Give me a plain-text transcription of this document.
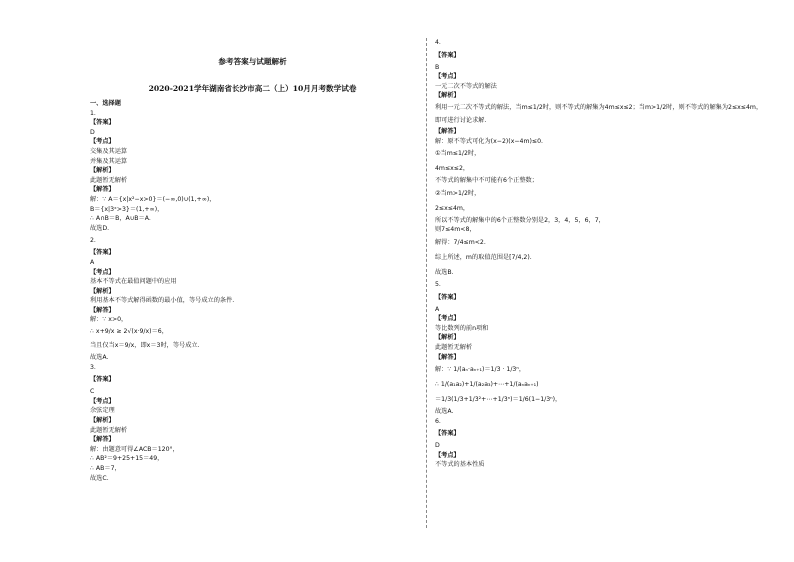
参考答案与试题解析
2020-2021学年湖南省长沙市高二（上）10月月考数学试卷
一、选择题
1.
【答案】
D
【考点】
交集及其运算
并集及其运算
【解析】
此题暂无解析
【解答】
解：∵ A＝{x|x²−x>0}＝(−∞,0)∪(1,+∞)，
B＝{x|3ˣ>3}＝(1,+∞)，
∴ A∩B＝B，A∪B＝A.
故选D.
2.
【答案】
A
【考点】
基本不等式在最值问题中的应用
【解析】
利用基本不等式解得函数的最小值，等号成立的条件.
【解答】
解：∵ x>0，
∴ x+9/x ≥ 2√(x·9/x)＝6，
当且仅当x＝9/x，即x＝3时，等号成立.
故选A.
3.
【答案】
C
【考点】
余弦定理
【解析】
此题暂无解析
【解答】
解：由题意可得∠ACB＝120°，
∴ AB²＝9+25+15＝49，
∴ AB＝7，
故选C.
4.
【答案】
B
【考点】
一元二次不等式的解法
【解析】
利用一元二次不等式的解法，当m≤1/2时，则不等式的解集为4m≤x≤2；当m>1/2时，则不等式的解集为2≤x≤4m，
即可进行讨论求解.
【解答】
解：原不等式可化为(x−2)(x−4m)≤0.
①当m≤1/2时，
4m≤x≤2，
不等式的解集中不可能有6个正整数；
②当m>1/2时，
2≤x≤4m，
所以不等式的解集中的6个正整数分别是2，3，4，5，6，7，
则7≤4m<8，
解得：7/4≤m<2.
综上所述，m的取值范围是[7/4,2).
故选B.
5.
【答案】
A
【考点】
等比数列的前n项和
【解析】
此题暂无解析
【解答】
解：∵ 1/(aₙ·aₙ₊₁)＝1/3 · 1/3ⁿ，
∴ 1/(a₁a₂)+1/(a₂a₃)+⋯+1/(aₙaₙ₊₁)
＝1/3(1/3+1/3²+⋯+1/3ⁿ)＝1/6(1−1/3ⁿ)，
故选A.
6.
【答案】
D
【考点】
不等式的基本性质
